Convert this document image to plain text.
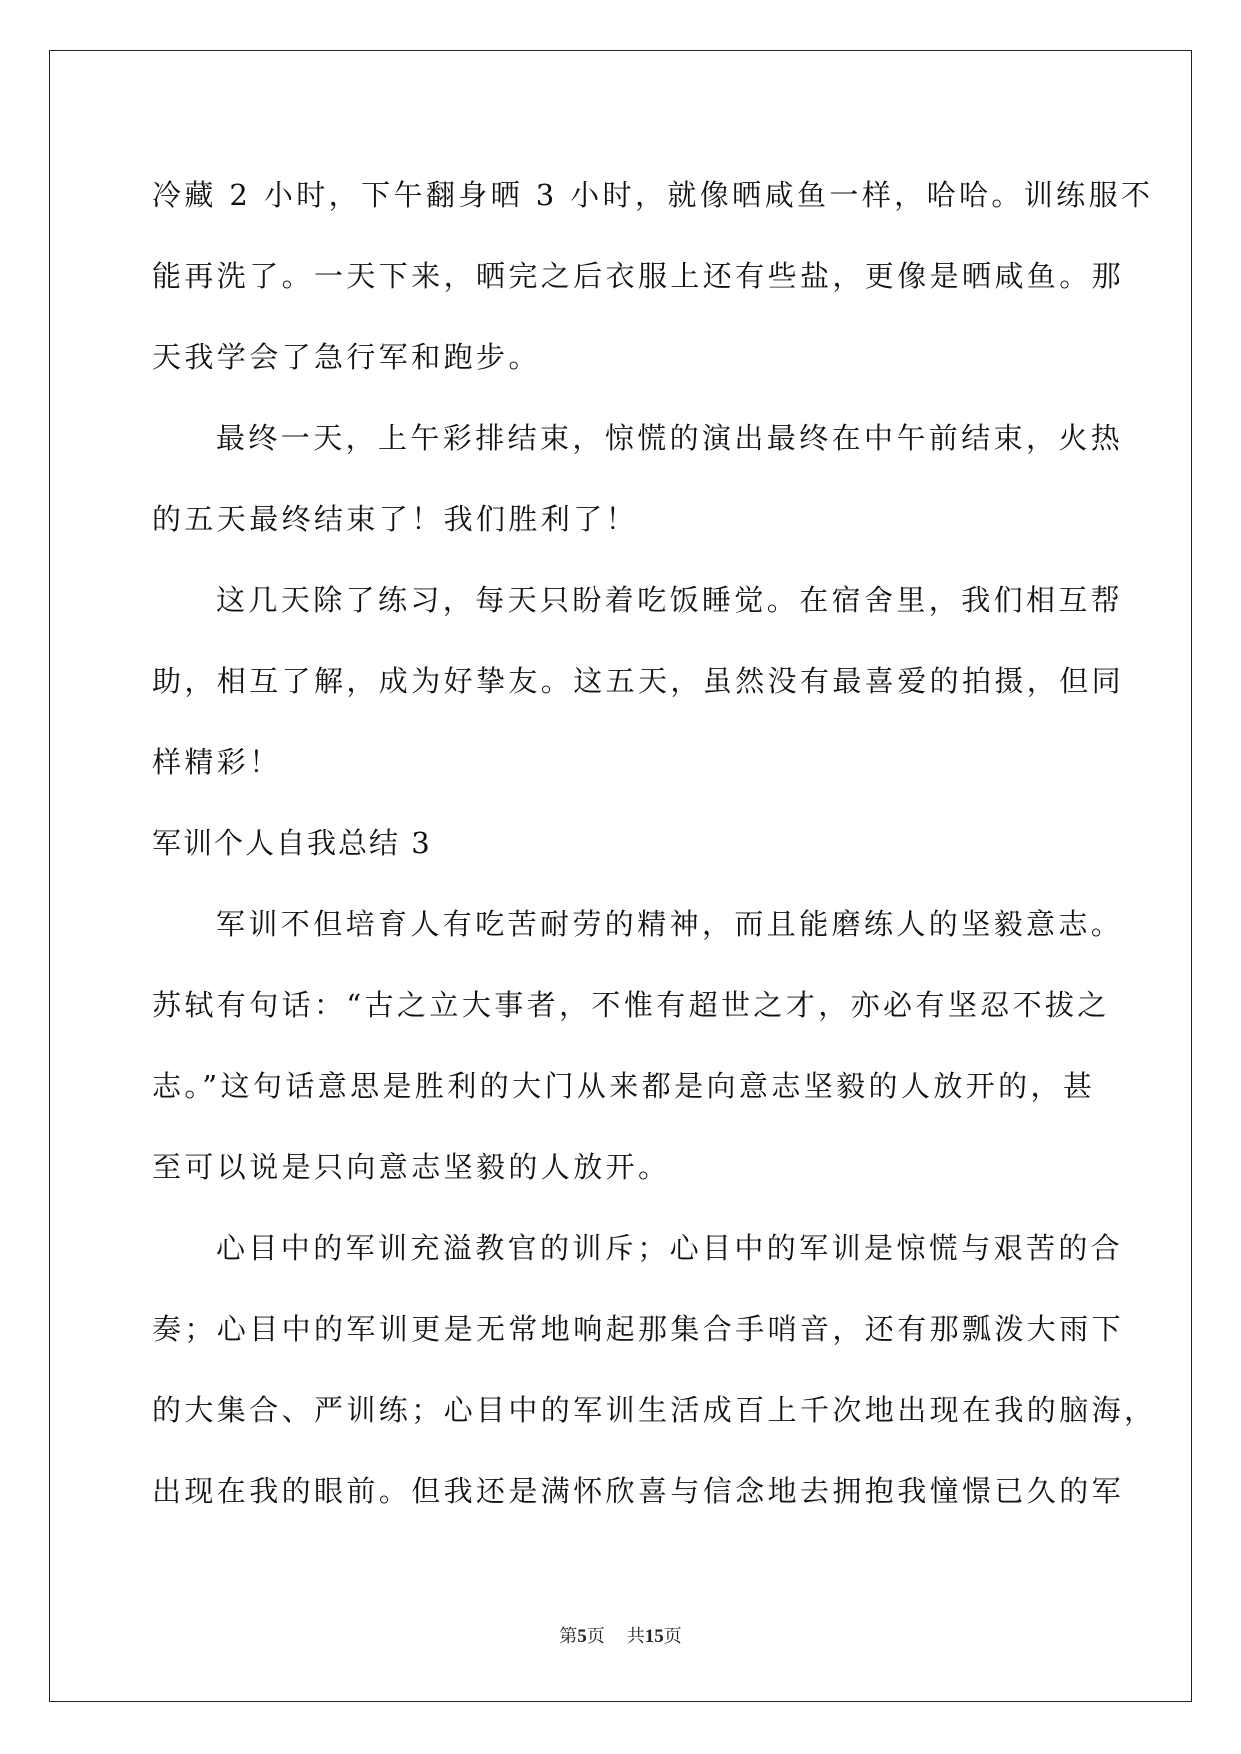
冷藏 2 小时，下午翻身晒 3 小时，就像晒咸鱼一样，哈哈。训练服不
能再洗了。一天下来，晒完之后衣服上还有些盐，更像是晒咸鱼。那
天我学会了急行军和跑步。
最终一天，上午彩排结束，惊慌的演出最终在中午前结束，火热
的五天最终结束了！我们胜利了！
这几天除了练习，每天只盼着吃饭睡觉。在宿舍里，我们相互帮
助，相互了解，成为好挚友。这五天，虽然没有最喜爱的拍摄，但同
样精彩！
军训个人自我总结 3
军训不但培育人有吃苦耐劳的精神，而且能磨练人的坚毅意志。
苏轼有句话：“古之立大事者，不惟有超世之才，亦必有坚忍不拔之
志。”这句话意思是胜利的大门从来都是向意志坚毅的人放开的，甚
至可以说是只向意志坚毅的人放开。
心目中的军训充溢教官的训斥；心目中的军训是惊慌与艰苦的合
奏；心目中的军训更是无常地响起那集合手哨音，还有那瓢泼大雨下
的大集合、严训练；心目中的军训生活成百上千次地出现在我的脑海，
出现在我的眼前。但我还是满怀欣喜与信念地去拥抱我憧憬已久的军
第5页 共15页
